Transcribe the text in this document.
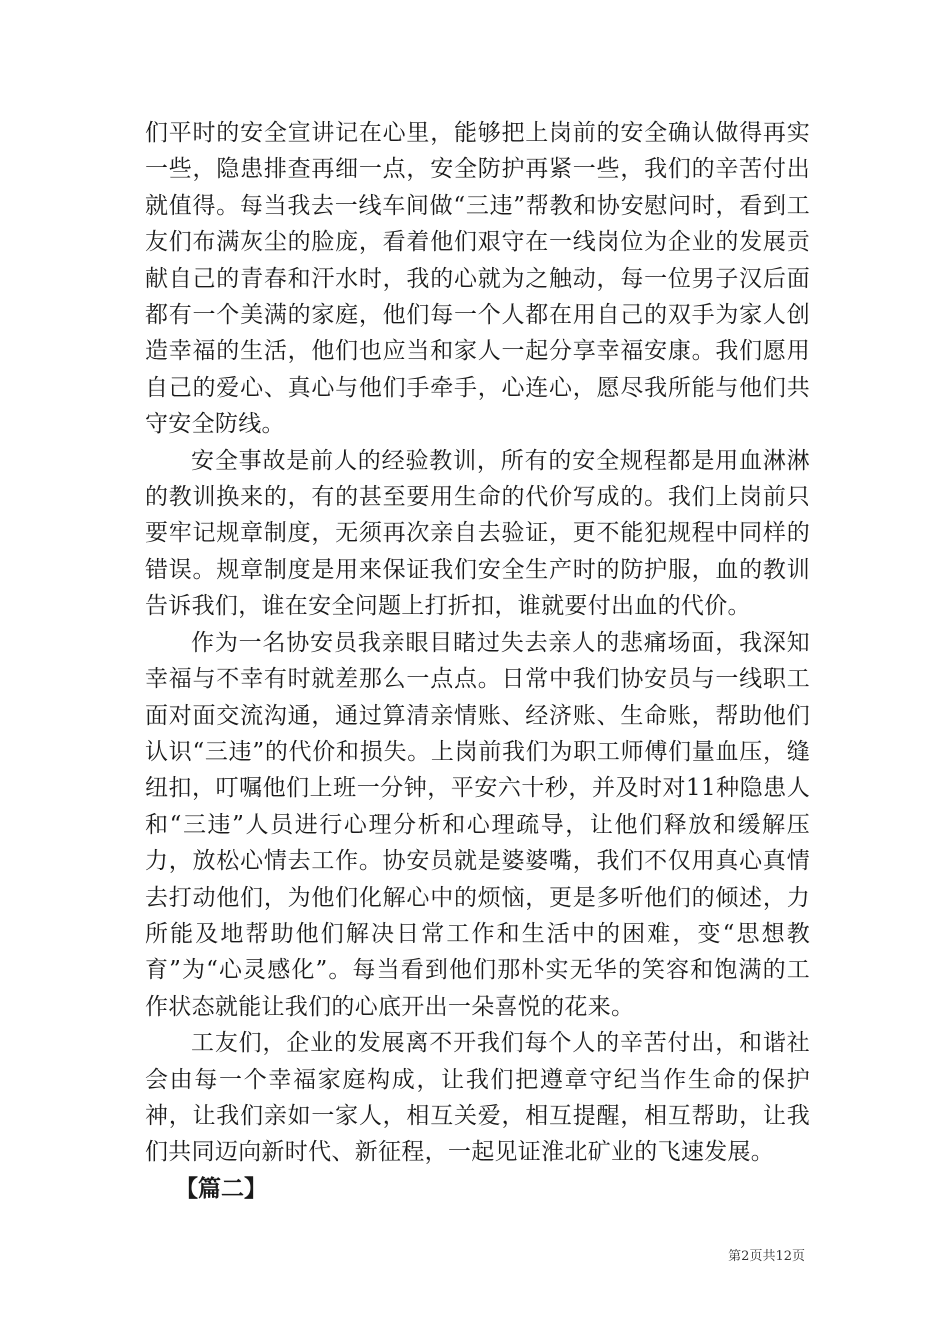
们平时的安全宣讲记在心里，能够把上岗前的安全确认做得再实一些，隐患排查再细一点，安全防护再紧一些，我们的辛苦付出就值得。每当我去一线车间做“三违”帮教和协安慰问时，看到工友们布满灰尘的脸庞，看着他们艰守在一线岗位为企业的发展贡献自己的青春和汗水时，我的心就为之触动，每一位男子汉后面都有一个美满的家庭，他们每一个人都在用自己的双手为家人创造幸福的生活，他们也应当和家人一起分享幸福安康。我们愿用自己的爱心、真心与他们手牵手，心连心，愿尽我所能与他们共守安全防线。

安全事故是前人的经验教训，所有的安全规程都是用血淋淋的教训换来的，有的甚至要用生命的代价写成的。我们上岗前只要牢记规章制度，无须再次亲自去验证，更不能犯规程中同样的错误。规章制度是用来保证我们安全生产时的防护服，血的教训告诉我们，谁在安全问题上打折扣，谁就要付出血的代价。

作为一名协安员我亲眼目睹过失去亲人的悲痛场面，我深知幸福与不幸有时就差那么一点点。日常中我们协安员与一线职工面对面交流沟通，通过算清亲情账、经济账、生命账，帮助他们认识“三违”的代价和损失。上岗前我们为职工师傅们量血压，缝纽扣，叮嘱他们上班一分钟，平安六十秒，并及时对11种隐患人和“三违”人员进行心理分析和心理疏导，让他们释放和缓解压力，放松心情去工作。协安员就是婆婆嘴，我们不仅用真心真情去打动他们，为他们化解心中的烦恼，更是多听他们的倾述，力所能及地帮助他们解决日常工作和生活中的困难，变“思想教育”为“心灵感化”。每当看到他们那朴实无华的笑容和饱满的工作状态就能让我们的心底开出一朵喜悦的花来。

工友们，企业的发展离不开我们每个人的辛苦付出，和谐社会由每一个幸福家庭构成，让我们把遵章守纪当作生命的保护神，让我们亲如一家人，相互关爱，相互提醒，相互帮助，让我们共同迈向新时代、新征程，一起见证淮北矿业的飞速发展。

【篇二】

第2页共12页
